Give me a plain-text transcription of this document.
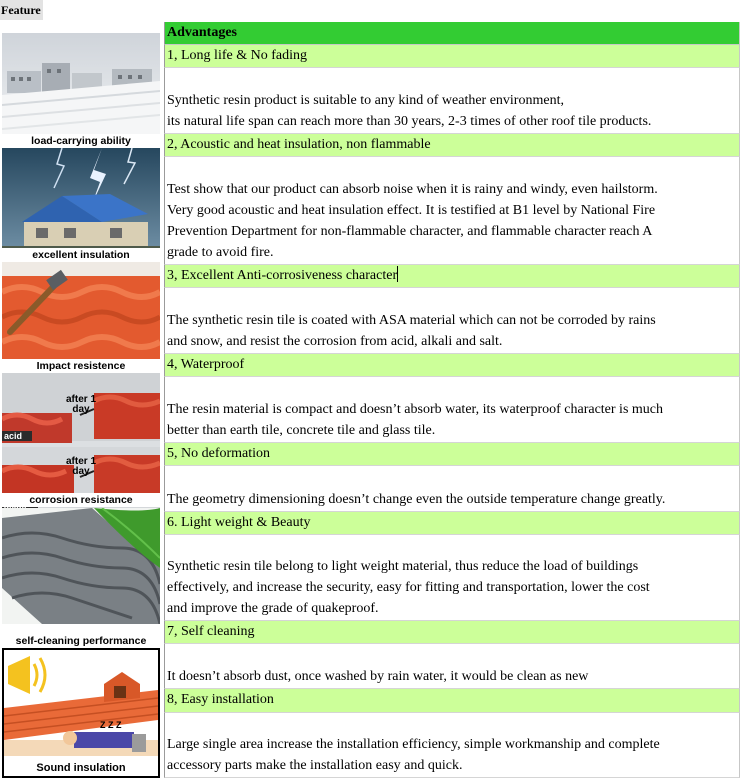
Feature
load-carrying ability
excellent insulation
Impact resistence
acid
after 1 day
after 1 day
corrosion resistance
self-cleaning performance
Z Z Z
Sound insulation
Advantages
1, Long life & No fading
Synthetic resin product is suitable to any kind of weather environment,
its natural life span can reach more than 30 years, 2-3 times of other roof tile products.
2, Acoustic and heat insulation, non flammable
Test show that our product can absorb noise when it is rainy and windy, even hailstorm.
Very good acoustic and heat insulation effect. It is testified at B1 level by National Fire
Prevention Department for non-flammable character, and flammable character reach A
grade to avoid fire.
3, Excellent Anti-corrosiveness character
The synthetic resin tile is coated with ASA material which can not be corroded by rains
and snow, and resist the corrosion from acid, alkali and salt.
4, Waterproof
The resin material is compact and doesn’t absorb water, its waterproof character is much
better than earth tile, concrete tile and glass tile.
5, No deformation
The geometry dimensioning doesn’t change even the outside temperature change greatly.
6. Light weight & Beauty
Synthetic resin tile belong to light weight material, thus reduce the load of buildings
effectively, and increase the security, easy for fitting and transportation, lower the cost
and improve the grade of quakeproof.
7, Self cleaning
It doesn’t absorb dust, once washed by rain water, it would be clean as new
8, Easy installation
Large single area increase the installation efficiency, simple workmanship and complete
accessory parts make the installation easy and quick.
